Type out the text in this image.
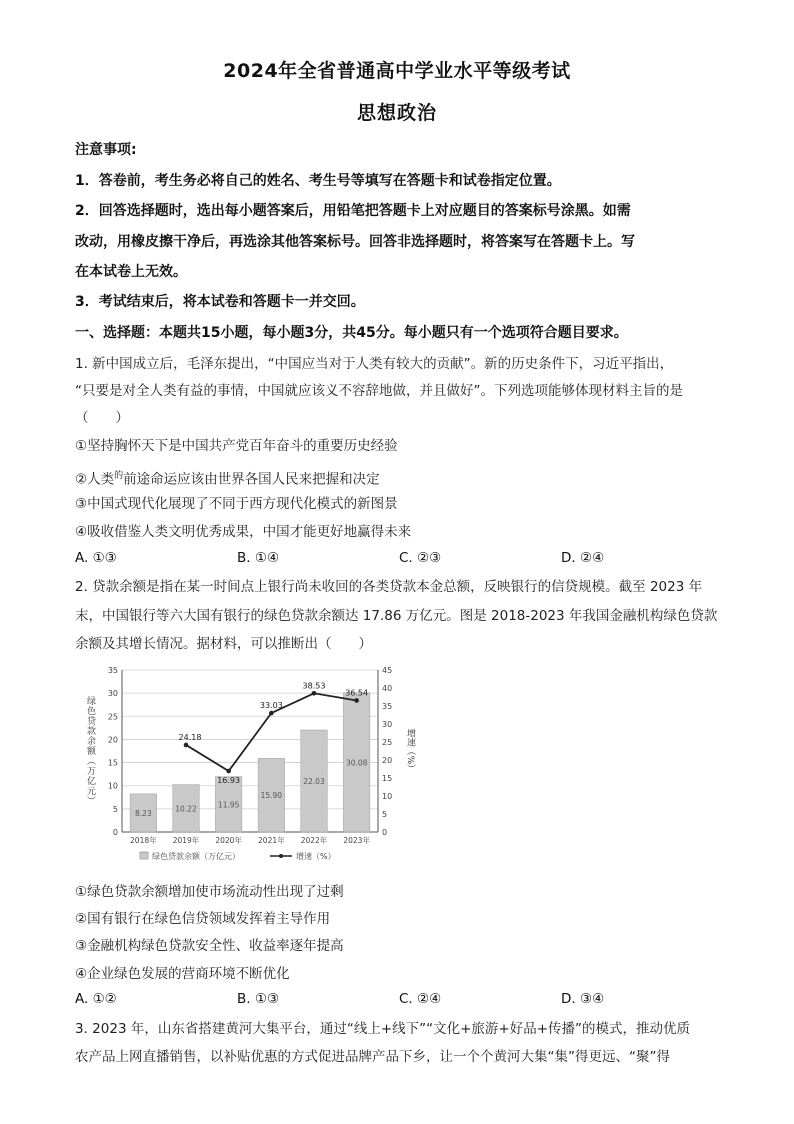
2024年全省普通高中学业水平等级考试
思想政治
注意事项:
1．答卷前，考生务必将自己的姓名、考生号等填写在答题卡和试卷指定位置。
2．回答选择题时，选出每小题答案后，用铅笔把答题卡上对应题目的答案标号涂黑。如需
改动，用橡皮擦干净后，再选涂其他答案标号。回答非选择题时，将答案写在答题卡上。写
在本试卷上无效。
3．考试结束后，将本试卷和答题卡一并交回。
一、选择题：本题共15小题，每小题3分，共45分。每小题只有一个选项符合题目要求。
1. 新中国成立后，毛泽东提出，“中国应当对于人类有较大的贡献”。新的历史条件下，习近平指出，
“只要是对全人类有益的事情，中国就应该义不容辞地做，并且做好”。下列选项能够体现材料主旨的是
（　　）
①坚持胸怀天下是中国共产党百年奋斗的重要历史经验
②人类$^的$前途命运应该由世界各国人民来把握和决定
③中国式现代化展现了不同于西方现代化模式的新图景
④吸收借鉴人类文明优秀成果，中国才能更好地赢得未来
A. ①③	B. ①④	C. ②③	D. ②④
2. 贷款余额是指在某一时间点上银行尚未收回的各类贷款本金总额，反映银行的信贷规模。截至 2023 年
末，中国银行等六大国有银行的绿色贷款余额达 17.86 万亿元。图是 2018-2023 年我国金融机构绿色贷款
余额及其增长情况。据材料，可以推断出（　　）
0
5
10
15
20
25
30
35
0
5
10
15
20
25
30
35
40
45
绿色贷款余额（万亿元）	增速（%）
8.23
2018年
10.22
2019年
11.95
2020年
15.90
2021年
22.03
2022年
30.08
2023年
24.18
16.93
33.03
38.53
36.54
绿色贷款余额（万亿元）	增速（%）
①绿色贷款余额增加使市场流动性出现了过剩
②国有银行在绿色信贷领域发挥着主导作用
③金融机构绿色贷款安全性、收益率逐年提高
④企业绿色发展的营商环境不断优化
A. ①②	B. ①③	C. ②④	D. ③④
3. 2023 年，山东省搭建黄河大集平台，通过“线上+线下”“文化+旅游+好品+传播”的模式，推动优质
农产品上网直播销售，以补贴优惠的方式促进品牌产品下乡，让一个个黄河大集“集”得更远、“聚”得
